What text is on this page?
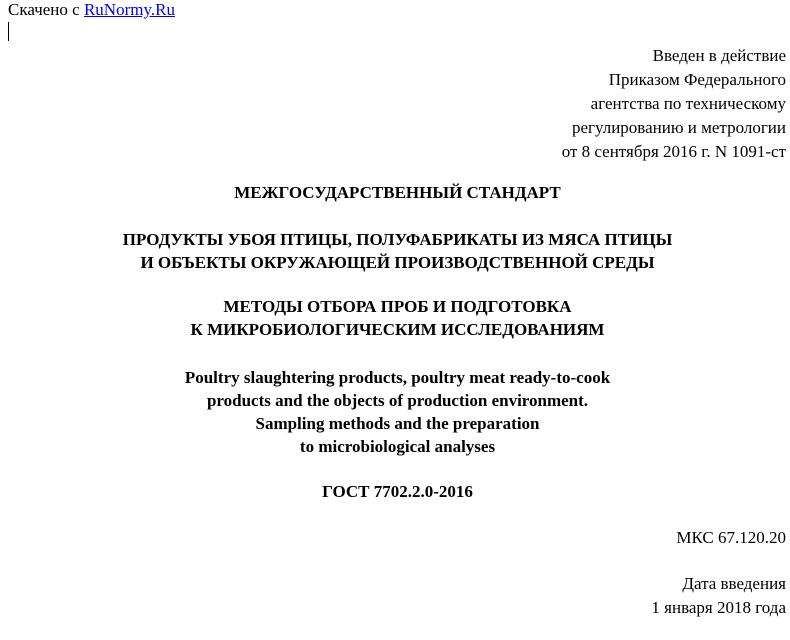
Скачено с RuNormy.Ru
Введен в действие
Приказом Федерального
агентства по техническому
регулированию и метрологии
от 8 сентября 2016 г. N 1091-ст
МЕЖГОСУДАРСТВЕННЫЙ СТАНДАРТ
ПРОДУКТЫ УБОЯ ПТИЦЫ, ПОЛУФАБРИКАТЫ ИЗ МЯСА ПТИЦЫ
И ОБЪЕКТЫ ОКРУЖАЮЩЕЙ ПРОИЗВОДСТВЕННОЙ СРЕДЫ
МЕТОДЫ ОТБОРА ПРОБ И ПОДГОТОВКА
К МИКРОБИОЛОГИЧЕСКИМ ИССЛЕДОВАНИЯМ
Poultry slaughtering products, poultry meat ready-to-cook
products and the objects of production environment.
Sampling methods and the preparation
to microbiological analyses
ГОСТ 7702.2.0-2016
МКС 67.120.20
Дата введения
1 января 2018 года
